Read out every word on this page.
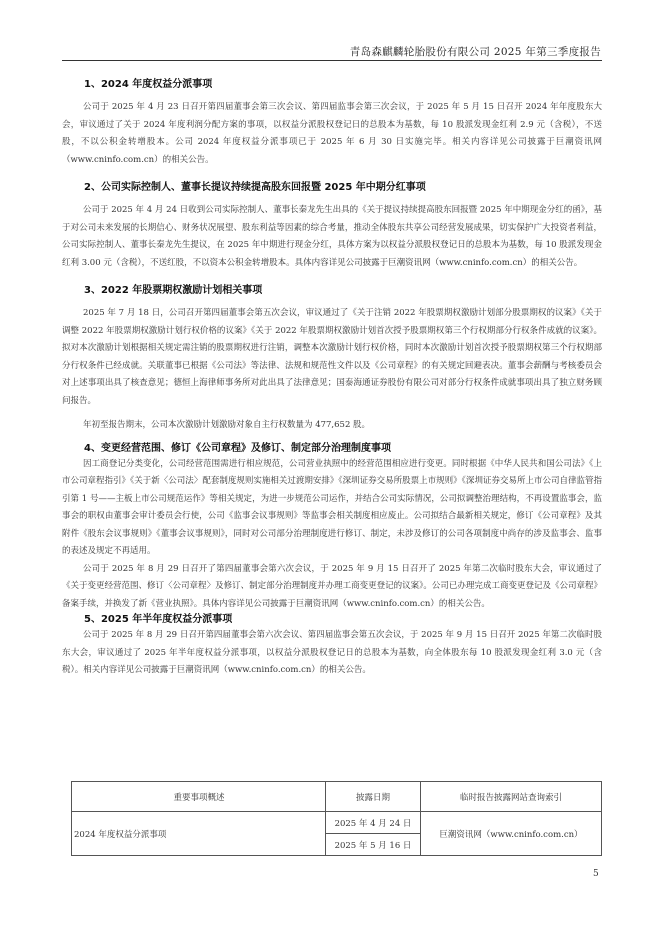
青岛森麒麟轮胎股份有限公司 2025 年第三季度报告
1、2024 年度权益分派事项

公司于 2025 年 4 月 23 日召开第四届董事会第三次会议、第四届监事会第三次会议，于 2025 年 5 月 15 日召开 2024 年年度股东大会，审议通过了关于 2024 年度利润分配方案的事项，以权益分派股权登记日的总股本为基数，每 10 股派发现金红利 2.9 元（含税），不送股，不以公积金转增股本。公司 2024 年度权益分派事项已于 2025 年 6 月 30 日实施完毕。相关内容详见公司披露于巨潮资讯网（www.cninfo.com.cn）的相关公告。

2、公司实际控制人、董事长提议持续提高股东回报暨 2025 年中期分红事项

公司于 2025 年 4 月 24 日收到公司实际控制人、董事长秦龙先生出具的《关于提议持续提高股东回报暨 2025 年中期现金分红的函》，基于对公司未来发展的长期信心、财务状况展望、股东利益等因素的综合考量，推动全体股东共享公司经营发展成果，切实保护广大投资者利益，公司实际控制人、董事长秦龙先生提议，在 2025 年中期进行现金分红，具体方案为以权益分派股权登记日的总股本为基数，每 10 股派发现金红利 3.00 元（含税），不送红股，不以资本公积金转增股本。具体内容详见公司披露于巨潮资讯网（www.cninfo.com.cn）的相关公告。

3、2022 年股票期权激励计划相关事项

2025 年 7 月 18 日，公司召开第四届董事会第五次会议，审议通过了《关于注销 2022 年股票期权激励计划部分股票期权的议案》《关于调整 2022 年股票期权激励计划行权价格的议案》《关于 2022 年股票期权激励计划首次授予股票期权第三个行权期部分行权条件成就的议案》。拟对本次激励计划根据相关规定需注销的股票期权进行注销，调整本次激励计划行权价格，同时本次激励计划首次授予股票期权第三个行权期部分行权条件已经成就。关联董事已根据《公司法》等法律、法规和规范性文件以及《公司章程》的有关规定回避表决。董事会薪酬与考核委员会对上述事项出具了核查意见；德恒上海律师事务所对此出具了法律意见；国泰海通证券股份有限公司对部分行权条件成就事项出具了独立财务顾问报告。

年初至报告期末，公司本次激励计划激励对象自主行权数量为 477,652 股。

4、变更经营范围、修订《公司章程》及修订、制定部分治理制度事项

因工商登记分类变化，公司经营范围需进行相应规范，公司营业执照中的经营范围相应进行变更。同时根据《中华人民共和国公司法》《上市公司章程指引》《关于新〈公司法〉配套制度规则实施相关过渡期安排》《深圳证券交易所股票上市规则》《深圳证券交易所上市公司自律监管指引第 1 号——主板上市公司规范运作》等相关规定，为进一步规范公司运作，并结合公司实际情况，公司拟调整治理结构，不再设置监事会，监事会的职权由董事会审计委员会行使，公司《监事会议事规则》等监事会相关制度相应废止。公司拟结合最新相关规定，修订《公司章程》及其附件《股东会议事规则》《董事会议事规则》，同时对公司部分治理制度进行修订、制定，未涉及修订的公司各项制度中尚存的涉及监事会、监事的表述及规定不再适用。

公司于 2025 年 8 月 29 日召开了第四届董事会第六次会议，于 2025 年 9 月 15 日召开了 2025 年第二次临时股东大会，审议通过了《关于变更经营范围、修订〈公司章程〉及修订、制定部分治理制度并办理工商变更登记的议案》。公司已办理完成工商变更登记及《公司章程》备案手续，并换发了新《营业执照》。具体内容详见公司披露于巨潮资讯网（www.cninfo.com.cn）的相关公告。

5、2025 年半年度权益分派事项

公司于 2025 年 8 月 29 日召开第四届董事会第六次会议、第四届监事会第五次会议，于 2025 年 9 月 15 日召开 2025 年第二次临时股东大会，审议通过了 2025 年半年度权益分派事项，以权益分派股权登记日的总股本为基数，向全体股东每 10 股派发现金红利 3.0 元（含税）。相关内容详见公司披露于巨潮资讯网（www.cninfo.com.cn）的相关公告。

重要事项概述	披露日期	临时报告披露网站查询索引
2024 年度权益分派事项	2025 年 4 月 24 日	巨潮资讯网（www.cninfo.com.cn）
	2025 年 5 月 16 日	
5
